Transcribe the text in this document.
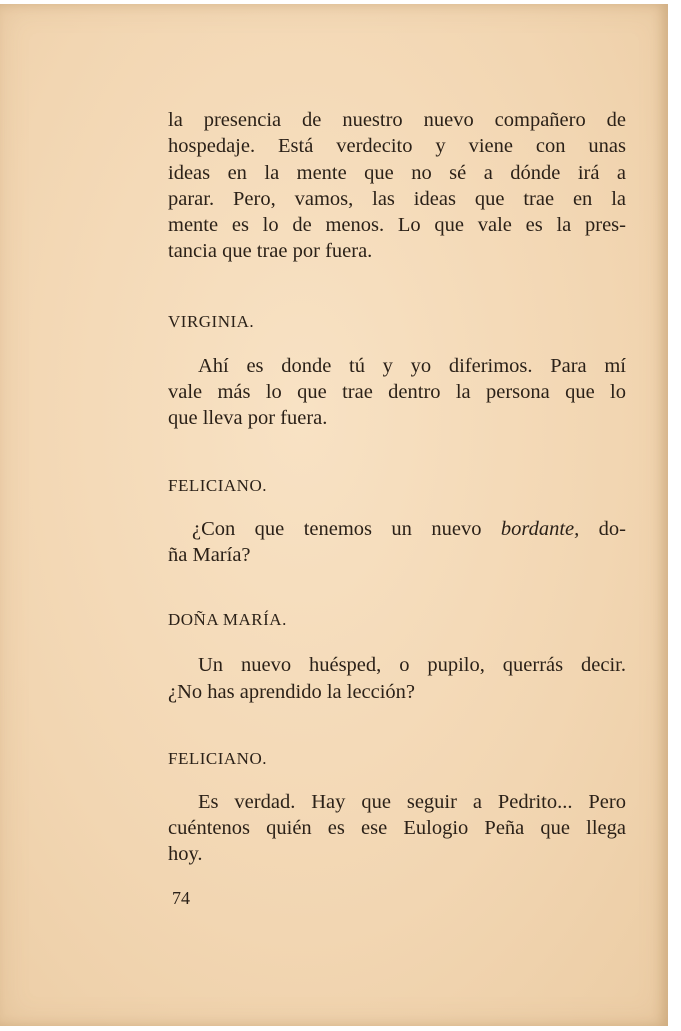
la presencia de nuestro nuevo compañero de
hospedaje. Está verdecito y viene con unas
ideas en la mente que no sé a dónde irá a
parar. Pero, vamos, las ideas que trae en la
mente es lo de menos. Lo que vale es la pres-
tancia que trae por fuera.

VIRGINIA.

Ahí es donde tú y yo diferimos. Para mí
vale más lo que trae dentro la persona que lo
que lleva por fuera.

FELICIANO.

¿Con que tenemos un nuevo bordante, do-
ña María?

DOÑA MARÍA.

Un nuevo huésped, o pupilo, querrás decir.
¿No has aprendido la lección?

FELICIANO.

Es verdad. Hay que seguir a Pedrito... Pero
cuéntenos quién es ese Eulogio Peña que llega
hoy.

74
